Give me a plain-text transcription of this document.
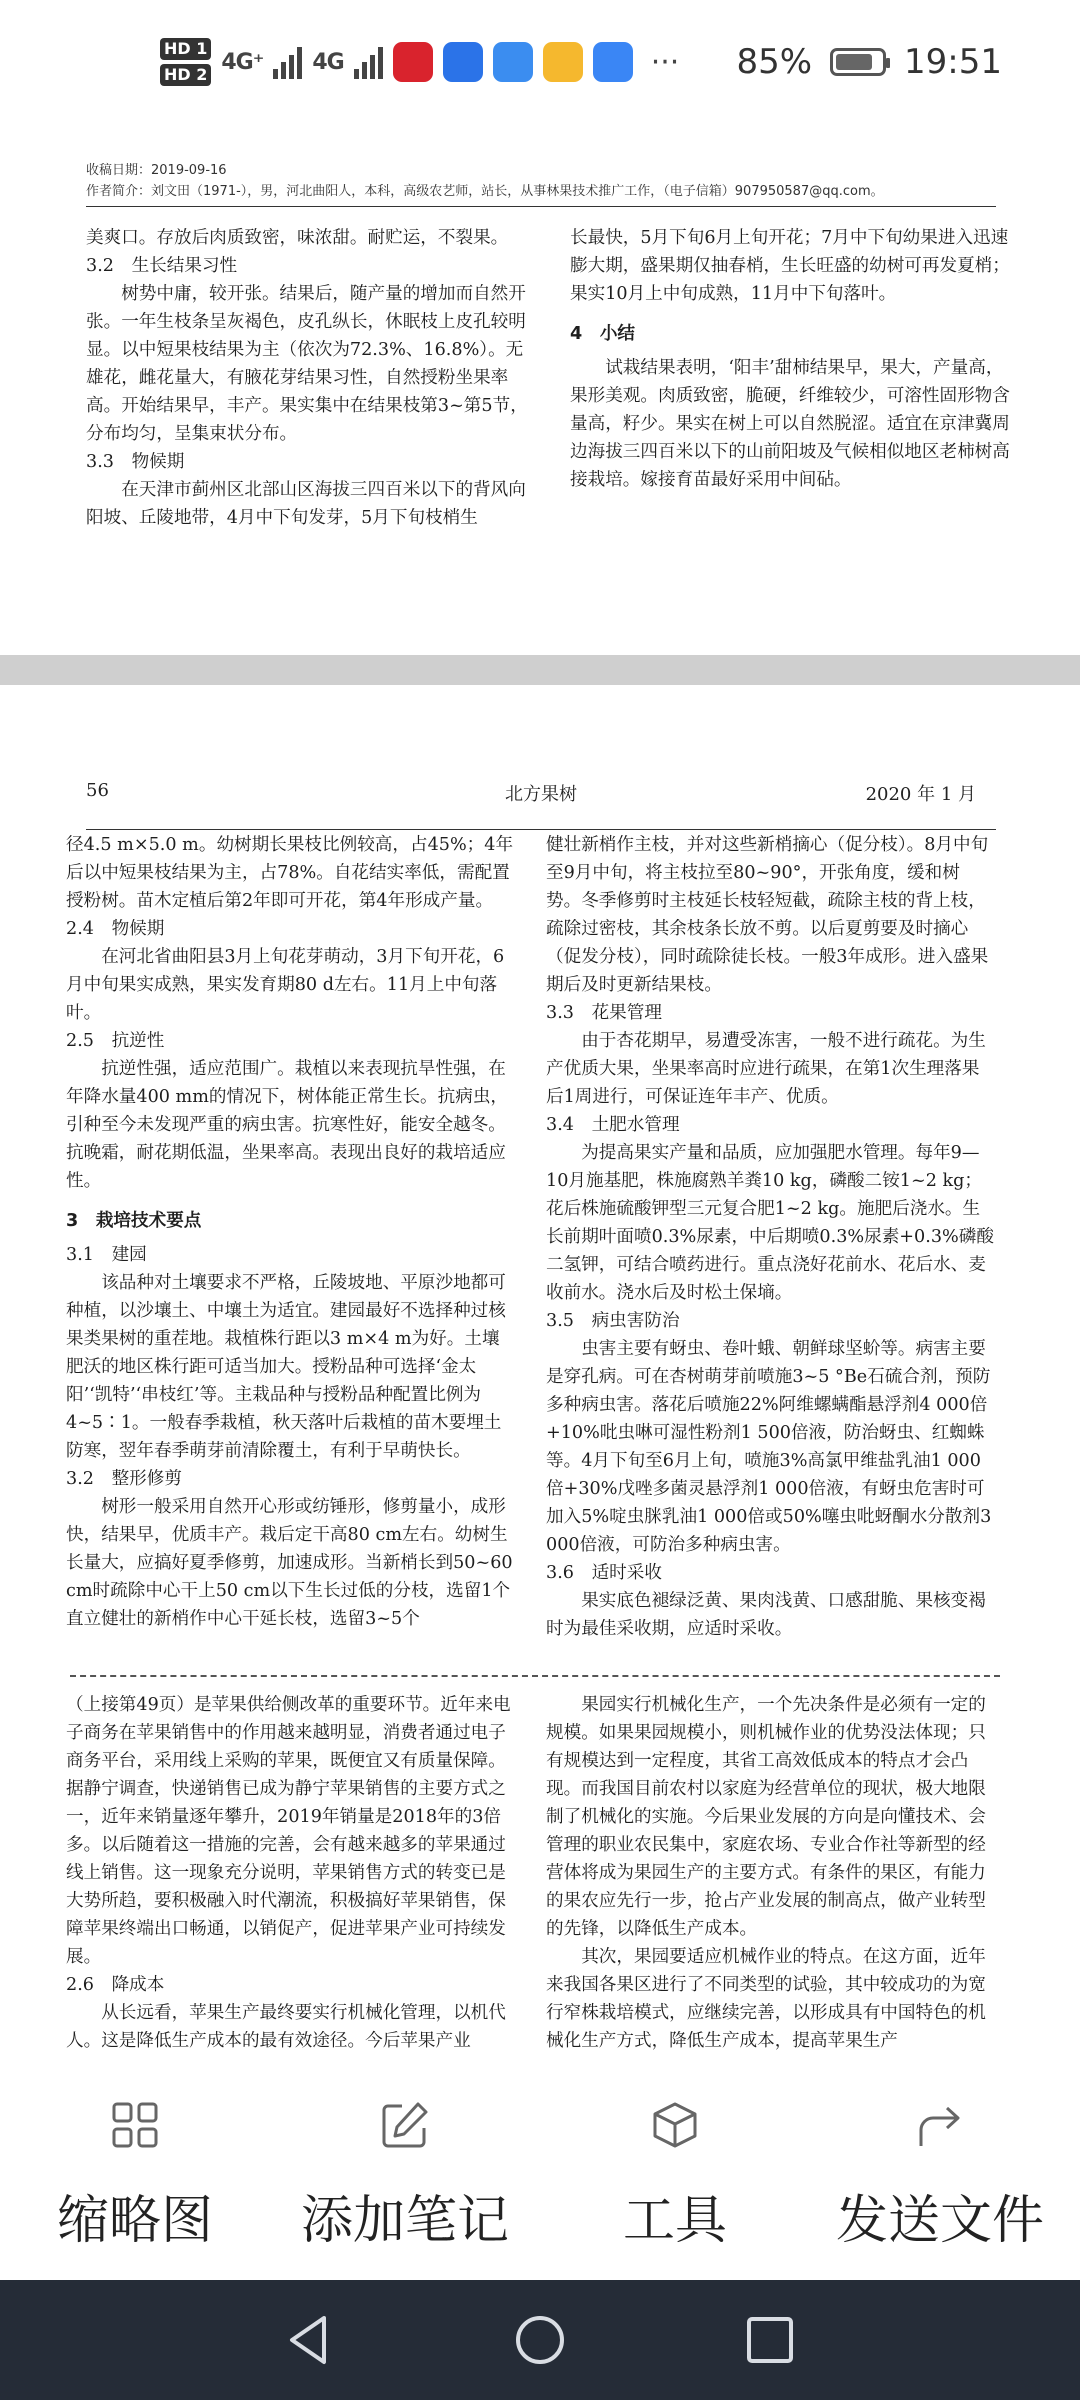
HD 1
HD 2 4G⁺ 4G	··· 85%	19:51
收稿日期：2019-09-16
作者简介：刘文田（1971-），男，河北曲阳人，本科，高级农艺师，站长，从事林果技术推广工作，（电子信箱）907950587@qq.com。

美爽口。存放后肉质致密，味浓甜。耐贮运，不裂果。

3.2　生长结果习性

树势中庸，较开张。结果后，随产量的增加而自然开张。一年生枝条呈灰褐色，皮孔纵长，休眠枝上皮孔较明显。以中短果枝结果为主（依次为72.3%、16.8%）。无雄花，雌花量大，有腋花芽结果习性，自然授粉坐果率高。开始结果早，丰产。果实集中在结果枝第3~第5节，分布均匀，呈集束状分布。

3.3　物候期

在天津市蓟州区北部山区海拔三四百米以下的背风向阳坡、丘陵地带，4月中下旬发芽，5月下旬枝梢生

长最快，5月下旬6月上旬开花；7月中下旬幼果进入迅速膨大期，盛果期仅抽春梢，生长旺盛的幼树可再发夏梢；果实10月上中旬成熟，11月中下旬落叶。

4　小结

试栽结果表明，‘阳丰’甜柿结果早，果大，产量高，果形美观。肉质致密，脆硬，纤维较少，可溶性固形物含量高，籽少。果实在树上可以自然脱涩。适宜在京津冀周边海拔三四百米以下的山前阳坡及气候相似地区老柿树高接栽培。嫁接育苗最好采用中间砧。

56	北方果树	2020 年 1 月

径4.5 m×5.0 m。幼树期长果枝比例较高，占45%；4年后以中短果枝结果为主，占78%。自花结实率低，需配置授粉树。苗木定植后第2年即可开花，第4年形成产量。

2.4　物候期

在河北省曲阳县3月上旬花芽萌动，3月下旬开花，6月中旬果实成熟，果实发育期80 d左右。11月上中旬落叶。

2.5　抗逆性

抗逆性强，适应范围广。栽植以来表现抗旱性强，在年降水量400 mm的情况下，树体能正常生长。抗病虫，引种至今未发现严重的病虫害。抗寒性好，能安全越冬。抗晚霜，耐花期低温，坐果率高。表现出良好的栽培适应性。

3　栽培技术要点

3.1　建园

该品种对土壤要求不严格，丘陵坡地、平原沙地都可种植，以沙壤土、中壤土为适宜。建园最好不选择种过核果类果树的重茬地。栽植株行距以3 m×4 m为好。土壤肥沃的地区株行距可适当加大。授粉品种可选择‘金太阳’‘凯特’‘串枝红’等。主栽品种与授粉品种配置比例为4~5∶1。一般春季栽植，秋天落叶后栽植的苗木要埋土防寒，翌年春季萌芽前清除覆土，有利于早萌快长。

3.2　整形修剪

树形一般采用自然开心形或纺锤形，修剪量小，成形快，结果早，优质丰产。栽后定干高80 cm左右。幼树生长量大，应搞好夏季修剪，加速成形。当新梢长到50~60 cm时疏除中心干上50 cm以下生长过低的分枝，选留1个直立健壮的新梢作中心干延长枝，选留3~5个

健壮新梢作主枝，并对这些新梢摘心（促分枝）。8月中旬至9月中旬，将主枝拉至80~90°，开张角度，缓和树势。冬季修剪时主枝延长枝轻短截，疏除主枝的背上枝，疏除过密枝，其余枝条长放不剪。以后夏剪要及时摘心（促发分枝），同时疏除徒长枝。一般3年成形。进入盛果期后及时更新结果枝。

3.3　花果管理

由于杏花期早，易遭受冻害，一般不进行疏花。为生产优质大果，坐果率高时应进行疏果，在第1次生理落果后1周进行，可保证连年丰产、优质。

3.4　土肥水管理

为提高果实产量和品质，应加强肥水管理。每年9—10月施基肥，株施腐熟羊粪10 kg，磷酸二铵1~2 kg；花后株施硫酸钾型三元复合肥1~2 kg。施肥后浇水。生长前期叶面喷0.3%尿素，中后期喷0.3%尿素+0.3%磷酸二氢钾，可结合喷药进行。重点浇好花前水、花后水、麦收前水。浇水后及时松土保墒。

3.5　病虫害防治

虫害主要有蚜虫、卷叶蛾、朝鲜球坚蚧等。病害主要是穿孔病。可在杏树萌芽前喷施3~5 °Be石硫合剂，预防多种病虫害。落花后喷施22%阿维螺螨酯悬浮剂4 000倍+10%吡虫啉可湿性粉剂1 500倍液，防治蚜虫、红蜘蛛等。4月下旬至6月上旬，喷施3%高氯甲维盐乳油1 000倍+30%戊唑多菌灵悬浮剂1 000倍液，有蚜虫危害时可加入5%啶虫脒乳油1 000倍或50%噻虫吡蚜酮水分散剂3 000倍液，可防治多种病虫害。

3.6　适时采收

果实底色褪绿泛黄、果肉浅黄、口感甜脆、果核变褐时为最佳采收期，应适时采收。

（上接第49页）是苹果供给侧改革的重要环节。近年来电子商务在苹果销售中的作用越来越明显，消费者通过电子商务平台，采用线上采购的苹果，既便宜又有质量保障。据静宁调查，快递销售已成为静宁苹果销售的主要方式之一，近年来销量逐年攀升，2019年销量是2018年的3倍多。以后随着这一措施的完善，会有越来越多的苹果通过线上销售。这一现象充分说明，苹果销售方式的转变已是大势所趋，要积极融入时代潮流，积极搞好苹果销售，保障苹果终端出口畅通，以销促产，促进苹果产业可持续发展。

2.6　降成本

从长远看，苹果生产最终要实行机械化管理，以机代人。这是降低生产成本的最有效途径。今后苹果产业

果园实行机械化生产，一个先决条件是必须有一定的规模。如果果园规模小，则机械作业的优势没法体现；只有规模达到一定程度，其省工高效低成本的特点才会凸现。而我国目前农村以家庭为经营单位的现状，极大地限制了机械化的实施。今后果业发展的方向是向懂技术、会管理的职业农民集中，家庭农场、专业合作社等新型的经营体将成为果园生产的主要方式。有条件的果区，有能力的果农应先行一步，抢占产业发展的制高点，做产业转型的先锋，以降低生产成本。

其次，果园要适应机械作业的特点。在这方面，近年来我国各果区进行了不同类型的试验，其中较成功的为宽行窄株栽培模式，应继续完善，以形成具有中国特色的机械化生产方式，降低生产成本，提高苹果生产

缩略图	添加笔记	工具	发送文件
